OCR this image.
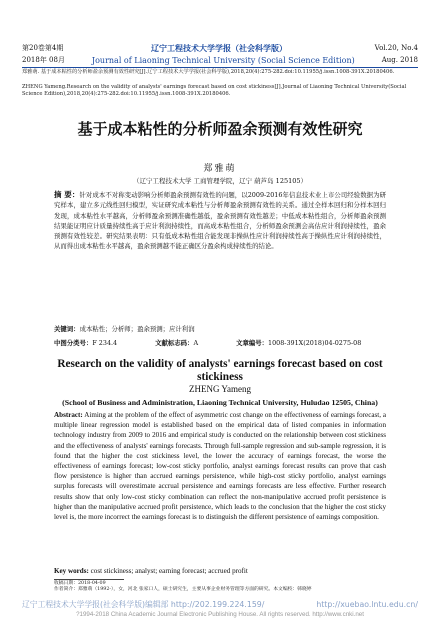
第20卷第4期	辽宁工程技术大学学报（社会科学版）	Vol.20, No.4
2018年 08月	Journal of Liaoning Technical University (Social Science Edition)	Aug. 2018
郑雅萌. 基于成本粘性的分析师盈余预测有效性研究[J].辽宁工程技术大学学报(社会科学版),2018,20(4):275-282.doi:10.11955/j.issn.1008-391X.20180406.
ZHENG Yameng.Research on the validity of analysts' earnings forecast based on cost stickiness[J].Journal of Liaoning Technical University(Social Science Edition),2018,20(4):275-282.doi:10.11955/j.issn.1008-391X.20180406.
基于成本粘性的分析师盈余预测有效性研究
郑雅萌
（辽宁工程技术大学 工商管理学院，辽宁 葫芦岛 125105）
摘 要：针对成本不对称变动影响分析师盈余预测有效性的问题，以2009-2016年信息技术业上市公司经验数据为研究样本，建立多元线性回归模型，实证研究成本粘性与分析师盈余预测有效性的关系。通过全样本回归和分样本回归发现，成本粘性水平越高，分析师盈余预测准确性越低，盈余预测有效性越差；中低成本粘性组合，分析师盈余预测结果能证明应计质量持续性高于应计利润持续性，而高成本粘性组合，分析师盈余预测会高估应计利润持续性，盈余预测有效性较差。研究结果表明：只有低成本粘性组合能发现非操纵性应计利润持续性高于操纵性应计利润持续性，从而得出成本粘性水平越高，盈余预测越不能正确区分盈余构成持续性的结论。
关键词：成本粘性；分析师；盈余预测；应计利润
中图分类号：F 234.4	文献标志码：A	文章编号：1008-391X(2018)04-0275-08
Research on the validity of analysts' earnings forecast based on cost stickiness
ZHENG Yameng
(School of Business and Administration, Liaoning Technical University, Huludao 12505, China)
Abstract: Aiming at the problem of the effect of asymmetric cost change on the effectiveness of earnings forecast, a multiple linear regression model is established based on the empirical data of listed companies in information technology industry from 2009 to 2016 and empirical study is conducted on the relationship between cost stickiness and the effectiveness of analysts' earnings forecasts. Through full-sample regression and sub-sample regression, it is found that the higher the cost stickiness level, the lower the accuracy of earnings forecast, the worse the effectiveness of earnings forecast; low-cost sticky portfolio, analyst earnings forecast results can prove that cash flow persistence is higher than accrued earnings persistence, while high-cost sticky portfolio, analyst earnings surplus forecasts will overestimate accrual persistence and earnings forecasts are less effective. Further research results show that only low-cost sticky combination can reflect the non-manipulative accrued profit persistence is higher than the manipulative accrued profit persistence, which leads to the conclusion that the higher the cost sticky level is, the more incorrect the earnings forecast is to distinguish the different persistence of earnings composition.
Key words: cost stickiness; analyst; earning forecast; accrued profit
收稿日期：2018-04-09
作者简介：郑雅萌（1992-），女，河北 张家口人，硕士研究生，主要从事企业财务管理等方面的研究。本文编校：韩晓婷
辽宁工程技术大学学报(社会科学版)编辑部 http://202.199.224.159/	http://xuebao.lntu.edu.cn/
?1994-2018 China Academic Journal Electronic Publishing House. All rights reserved. http://www.cnki.net
